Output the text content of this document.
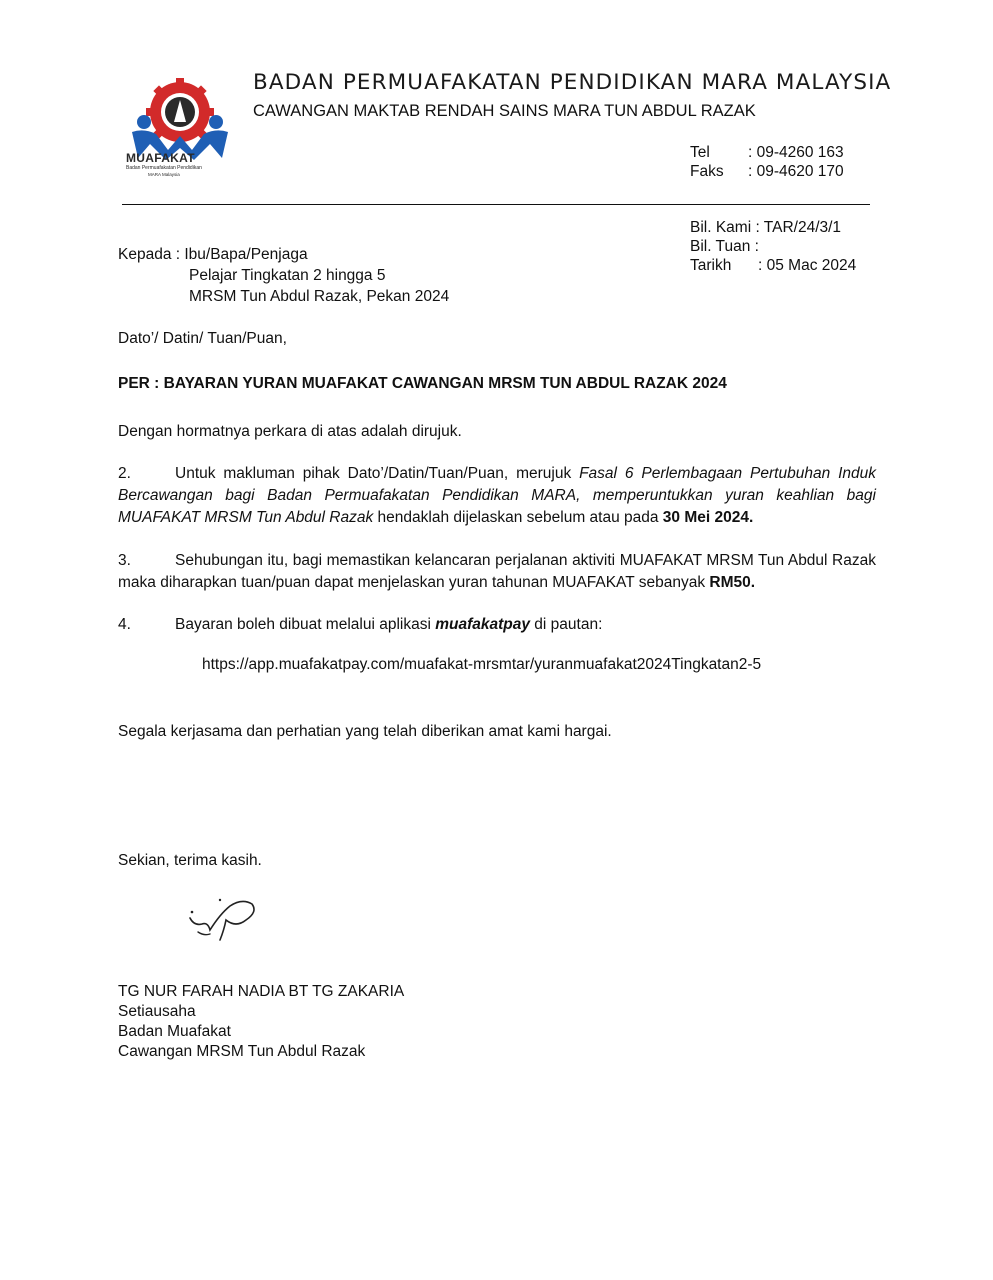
MUAFAKAT
Badan Permuafakatan Pendidikan
MARA Malaysia
BADAN PERMUAFAKATAN PENDIDIKAN MARA MALAYSIA
CAWANGAN MAKTAB RENDAH SAINS MARA TUN ABDUL RAZAK
Tel	: 09-4260 163
Faks	: 09-4620 170
Bil. Kami : TAR/24/3/1
Bil. Tuan :
Tarikh	: 05 Mac 2024
Kepada : Ibu/Bapa/Penjaga
Pelajar Tingkatan 2 hingga 5
MRSM Tun Abdul Razak, Pekan 2024
Dato’/ Datin/ Tuan/Puan,
PER : BAYARAN YURAN MUAFAKAT CAWANGAN MRSM TUN ABDUL RAZAK 2024
Dengan hormatnya perkara di atas adalah dirujuk.
2.	Untuk makluman pihak Dato’/Datin/Tuan/Puan, merujuk Fasal 6 Perlembagaan Pertubuhan Induk Bercawangan bagi Badan Permuafakatan Pendidikan MARA, memperuntukkan yuran keahlian bagi MUAFAKAT MRSM Tun Abdul Razak hendaklah dijelaskan sebelum atau pada 30 Mei 2024.
3.	Sehubungan itu, bagi memastikan kelancaran perjalanan aktiviti MUAFAKAT MRSM Tun Abdul Razak maka diharapkan tuan/puan dapat menjelaskan yuran tahunan MUAFAKAT sebanyak RM50.
4.	Bayaran boleh dibuat melalui aplikasi muafakatpay di pautan:
https://app.muafakatpay.com/muafakat-mrsmtar/yuranmuafakat2024Tingkatan2-5
Segala kerjasama dan perhatian yang telah diberikan amat kami hargai.
Sekian, terima kasih.
TG NUR FARAH NADIA BT TG ZAKARIA
Setiausaha
Badan Muafakat
Cawangan MRSM Tun Abdul Razak
